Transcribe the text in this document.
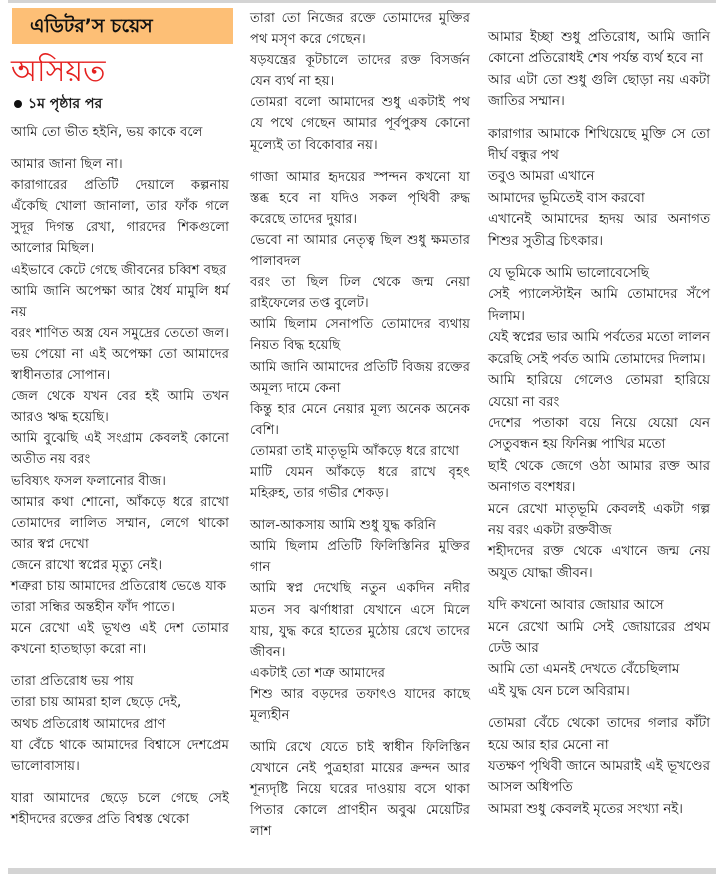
এডিটর’স চয়েস
অসিয়ত
১ম পৃষ্ঠার পর
আমি তো ভীত হইনি, ভয় কাকে বলে
আমার জানা ছিল না।
কারাগারের প্রতিটি দেয়ালে কল্পনায় এঁকেছি খোলা জানালা, তার ফাঁক গলে সুদূর দিগন্ত রেখা, গারদের শিকগুলো আলোর মিছিল।
এইভাবে কেটে গেছে জীবনের চব্বিশ বছর
আমি জানি অপেক্ষা আর ধৈর্য মামুলি ধর্ম নয়
বরং শাণিত অস্ত্র যেন সমুদ্রের তেতো জল।
ভয় পেয়ো না এই অপেক্ষা তো আমাদের স্বাধীনতার সোপান।
জেল থেকে যখন বের হই আমি তখন আরও ঋদ্ধ হয়েছি।
আমি বুঝেছি এই সংগ্রাম কেবলই কোনো অতীত নয় বরং
ভবিষ্যৎ ফসল ফলানোর বীজ।
আমার কথা শোনো, আঁকড়ে ধরে রাখো তোমাদের লালিত সম্মান, লেগে থাকো আর স্বপ্ন দেখো
জেনে রাখো স্বপ্নের মৃত্যু নেই।
শত্রুরা চায় আমাদের প্রতিরোধ ভেঙে যাক
তারা সন্ধির অন্তহীন ফাঁদ পাতে।
মনে রেখো এই ভূখণ্ড এই দেশ তোমার কখনো হাতছাড়া করো না।
তারা প্রতিরোধ ভয় পায়
তারা চায় আমরা হাল ছেড়ে দেই,
অথচ প্রতিরোধ আমাদের প্রাণ
যা বেঁচে থাকে আমাদের বিশ্বাসে দেশপ্রেম ভালোবাসায়।
যারা আমাদের ছেড়ে চলে গেছে সেই শহীদদের রক্তের প্রতি বিশ্বস্ত থেকো
তারা তো নিজের রক্তে তোমাদের মুক্তির পথ মসৃণ করে গেছেন।
ষড়যন্ত্রের কূটচালে তাদের রক্ত বিসর্জন যেন ব্যর্থ না হয়।
তোমরা বলো আমাদের শুধু একটাই পথ যে পথে গেছেন আমার পূর্বপুরুষ কোনো মূল্যেই তা বিকোবার নয়।
গাজা আমার হৃদয়ের স্পন্দন কখনো যা স্তব্ধ হবে না যদিও সকল পৃথিবী রুদ্ধ করেছে তাদের দুয়ার।
ভেবো না আমার নেতৃত্ব ছিল শুধু ক্ষমতার পালাবদল
বরং তা ছিল ঢিল থেকে জন্ম নেয়া রাইফেলের তপ্ত বুলেট।
আমি ছিলাম সেনাপতি তোমাদের ব্যথায় নিয়ত বিদ্ধ হয়েছি
আমি জানি আমাদের প্রতিটি বিজয় রক্তের অমূল্য দামে কেনা
কিন্তু হার মেনে নেয়ার মূল্য অনেক অনেক বেশি।
তোমরা তাই মাতৃভূমি আঁকড়ে ধরে রাখো
মাটি যেমন আঁকড়ে ধরে রাখে বৃহৎ মহিরুহ, তার গভীর শেকড়।
আল-আকসায় আমি শুধু যুদ্ধ করিনি
আমি ছিলাম প্রতিটি ফিলিস্তিনির মুক্তির গান
আমি স্বপ্ন দেখেছি নতুন একদিন নদীর মতন সব ঝর্ণাধারা যেখানে এসে মিলে যায়, যুদ্ধ করে হাতের মুঠোয় রেখে তাদের জীবন।
একটাই তো শত্রু আমাদের
শিশু আর বড়দের তফাৎও যাদের কাছে মূল্যহীন
আমি রেখে যেতে চাই স্বাধীন ফিলিস্তিন যেখানে নেই পুত্রহারা মায়ের ক্রন্দন আর শূন্যদৃষ্টি নিয়ে ঘরের দাওয়ায় বসে থাকা পিতার কোলে প্রাণহীন অবুঝ মেয়েটির লাশ
আমার ইচ্ছা শুধু প্রতিরোধ, আমি জানি কোনো প্রতিরোধই শেষ পর্যন্ত ব্যর্থ হবে না
আর এটা তো শুধু গুলি ছোড়া নয় একটা জাতির সম্মান।
কারাগার আমাকে শিখিয়েছে মুক্তি সে তো দীর্ঘ বন্ধুর পথ
তবুও আমরা এখানে
আমাদের ভূমিতেই বাস করবো
এখানেই আমাদের হৃদয় আর অনাগত শিশুর সুতীব্র চিৎকার।
যে ভূমিকে আমি ভালোবেসেছি
সেই প্যালেস্টাইন আমি তোমাদের সঁপে দিলাম।
যেই স্বপ্নের ভার আমি পর্বতের মতো লালন করেছি সেই পর্বত আমি তোমাদের দিলাম।
আমি হারিয়ে গেলেও তোমরা হারিয়ে যেয়ো না বরং
দেশের পতাকা বয়ে নিয়ে যেয়ো যেন সেতুবন্ধন হয় ফিনিক্স পাখির মতো
ছাই থেকে জেগে ওঠা আমার রক্ত আর অনাগত বংশধর।
মনে রেখো মাতৃভূমি কেবলই একটা গল্প নয় বরং একটা রক্তবীজ
শহীদদের রক্ত থেকে এখানে জন্ম নেয় অযুত যোদ্ধা জীবন।
যদি কখনো আবার জোয়ার আসে
মনে রেখো আমি সেই জোয়ারের প্রথম ঢেউ আর
আমি তো এমনই দেখতে বেঁচেছিলাম
এই যুদ্ধ যেন চলে অবিরাম।
তোমরা বেঁচে থেকো তাদের গলার কাঁটা হয়ে আর হার মেনো না
যতক্ষণ পৃথিবী জানে আমরাই এই ভূখণ্ডের আসল অধিপতি
আমরা শুধু কেবলই মৃতের সংখ্যা নই।
